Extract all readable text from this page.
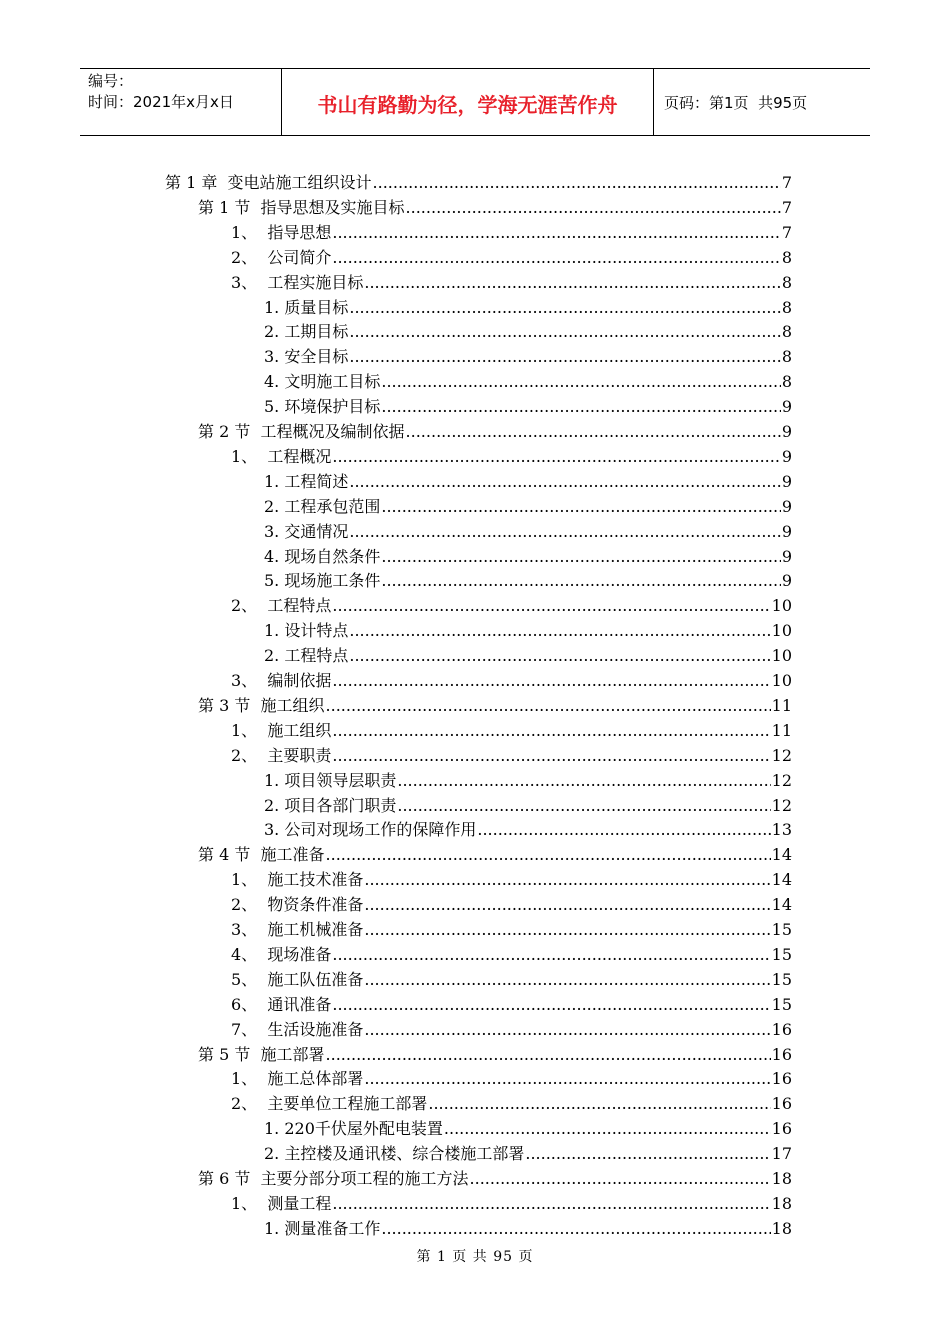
编号：
时间：2021年x月x日	书山有路勤为径，学海无涯苦作舟	页码：第1页  共95页
第 1 章 变电站施工组织设计 .....	7
第 1 节 指导思想及实施目标 .....	7
1、 指导思想 .....	7
2、 公司简介 .....	8
3、 工程实施目标 .....	8
1. 质量目标 .....	8
2. 工期目标 .....	8
3. 安全目标 .....	8
4. 文明施工目标 .....	8
5. 环境保护目标 .....	9
第 2 节 工程概况及编制依据 .....	9
1、 工程概况 .....	9
1. 工程简述 .....	9
2. 工程承包范围 .....	9
3. 交通情况 .....	9
4. 现场自然条件 .....	9
5. 现场施工条件 .....	9
2、 工程特点 .....	10
1. 设计特点 .....	10
2. 工程特点 .....	10
3、 编制依据 .....	10
第 3 节 施工组织 .....	11
1、 施工组织 .....	11
2、 主要职责 .....	12
1. 项目领导层职责 .....	12
2. 项目各部门职责 .....	12
3. 公司对现场工作的保障作用 .....	13
第 4 节 施工准备 .....	14
1、 施工技术准备 .....	14
2、 物资条件准备 .....	14
3、 施工机械准备 .....	15
4、 现场准备 .....	15
5、 施工队伍准备 .....	15
6、 通讯准备 .....	15
7、 生活设施准备 .....	16
第 5 节 施工部署 .....	16
1、 施工总体部署 .....	16
2、 主要单位工程施工部署 .....	16
1. 220千伏屋外配电装置 .....	16
2. 主控楼及通讯楼、综合楼施工部署 .....	17
第 6 节 主要分部分项工程的施工方法 .....	18
1、 测量工程 .....	18
1. 测量准备工作 .....	18
第 1 页 共 95 页
